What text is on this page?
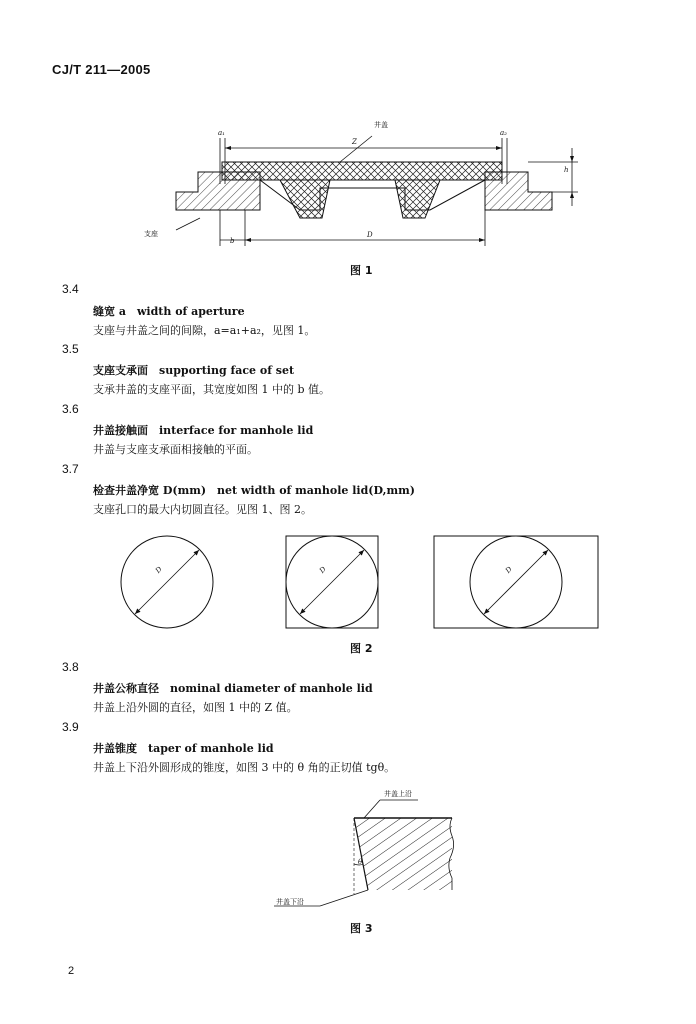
CJ/T 211—2005
井盖
a₁	a₂
Z
h
支座
b
D
图 1
3.4
缝宽 a　width of aperture
支座与井盖之间的间隙，a=a₁+a₂，见图 1。
3.5
支座支承面　supporting face of set
支承井盖的支座平面，其宽度如图 1 中的 b 值。
3.6
井盖接触面　interface for manhole lid
井盖与支座支承面相接触的平面。
3.7
检查井盖净宽 D(mm)　net width of manhole lid(D,mm)
支座孔口的最大内切圆直径。见图 1、图 2。
D	D	D
图 2
3.8
井盖公称直径　nominal diameter of manhole lid
井盖上沿外圆的直径，如图 1 中的 Z 值。
3.9
井盖锥度　taper of manhole lid
井盖上下沿外圆形成的锥度，如图 3 中的 θ 角的正切值 tgθ。
井盖上沿
井盖下沿
θ
图 3
2
